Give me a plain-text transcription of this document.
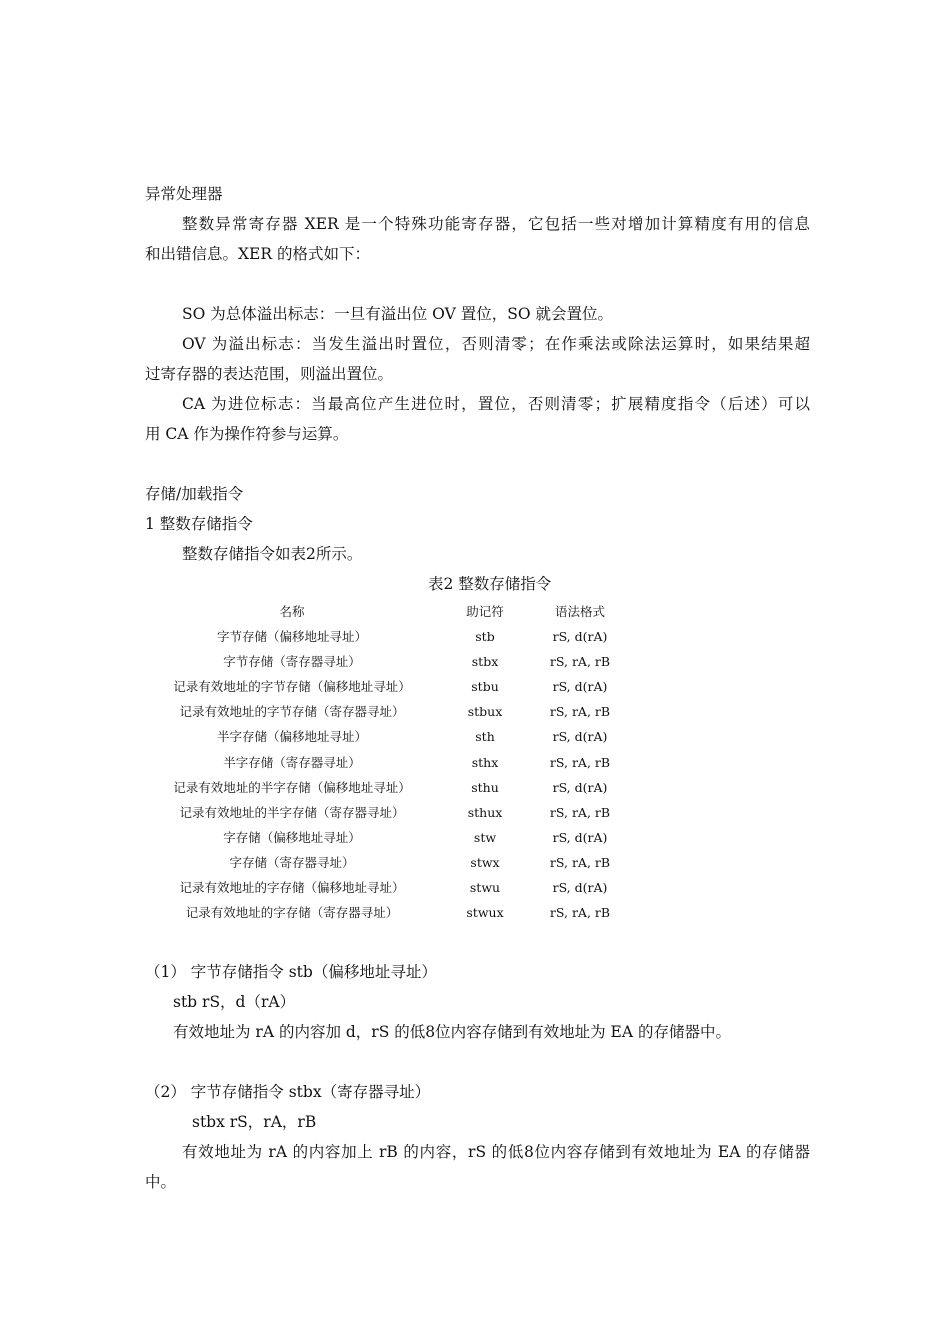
异常处理器
整数异常寄存器 XER 是一个特殊功能寄存器，它包括一些对增加计算精度有用的信息
和出错信息。XER 的格式如下：
SO 为总体溢出标志：一旦有溢出位 OV 置位，SO 就会置位。
OV 为溢出标志：当发生溢出时置位，否则清零；在作乘法或除法运算时，如果结果超
过寄存器的表达范围，则溢出置位。
CA 为进位标志：当最高位产生进位时，置位，否则清零；扩展精度指令（后述）可以
用 CA 作为操作符参与运算。
存储/加载指令
1 整数存储指令
整数存储指令如表2所示。
表2 整数存储指令
名称	助记符	语法格式
字节存储（偏移地址寻址）	stb	rS, d(rA)
字节存储（寄存器寻址）	stbx	rS, rA, rB
记录有效地址的字节存储（偏移地址寻址）	stbu	rS, d(rA)
记录有效地址的字节存储（寄存器寻址）	stbux	rS, rA, rB
半字存储（偏移地址寻址）	sth	rS, d(rA)
半字存储（寄存器寻址）	sthx	rS, rA, rB
记录有效地址的半字存储（偏移地址寻址）	sthu	rS, d(rA)
记录有效地址的半字存储（寄存器寻址）	sthux	rS, rA, rB
字存储（偏移地址寻址）	stw	rS, d(rA)
字存储（寄存器寻址）	stwx	rS, rA, rB
记录有效地址的字存储（偏移地址寻址）	stwu	rS, d(rA)
记录有效地址的字存储（寄存器寻址）	stwux	rS, rA, rB
（1） 字节存储指令 stb（偏移地址寻址）
stb rS，d（rA）
有效地址为 rA 的内容加 d，rS 的低8位内容存储到有效地址为 EA 的存储器中。
（2） 字节存储指令 stbx（寄存器寻址）
stbx rS，rA，rB
有效地址为 rA 的内容加上 rB 的内容，rS 的低8位内容存储到有效地址为 EA 的存储器
中。
